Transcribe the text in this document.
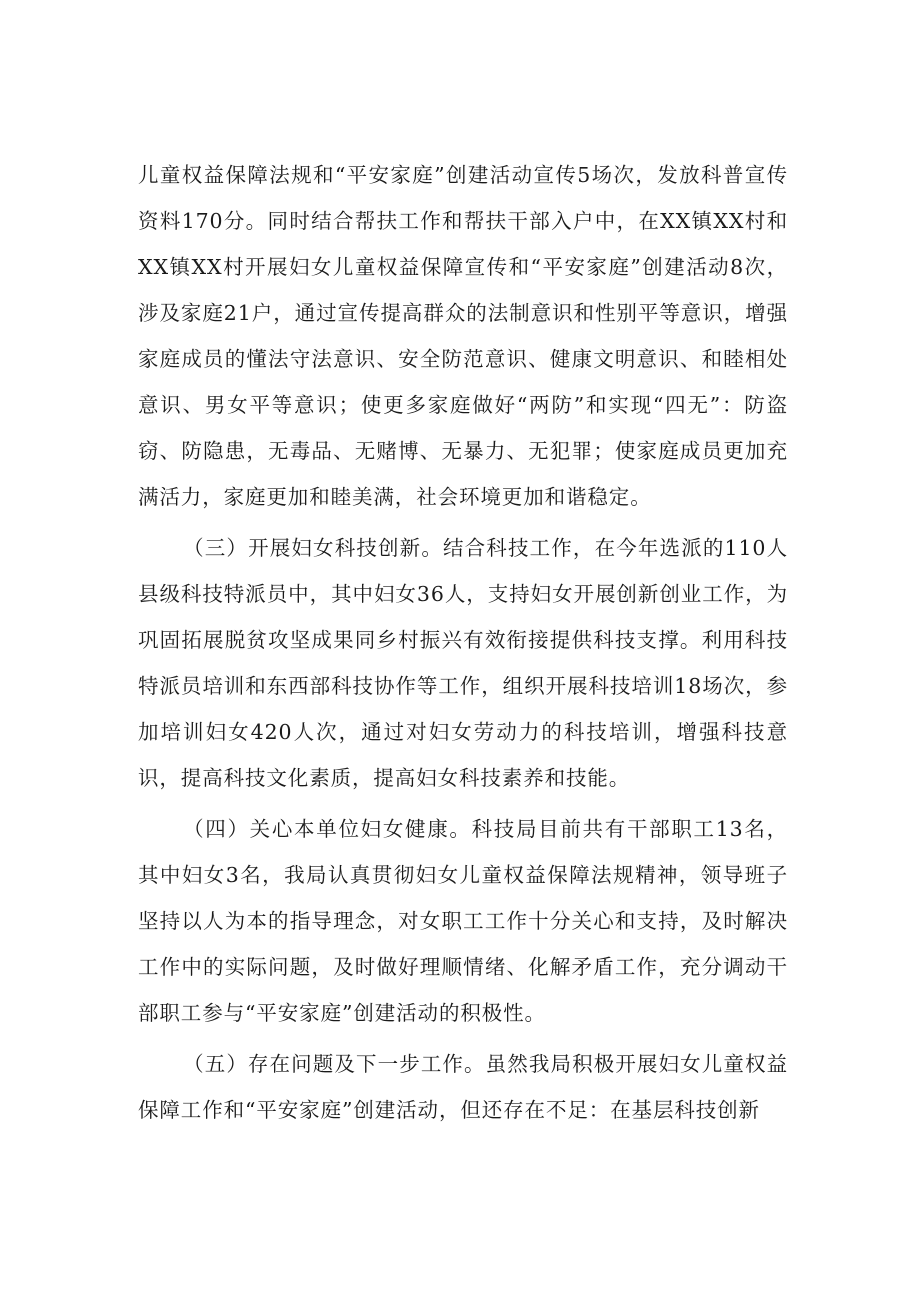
儿童权益保障法规和“平安家庭”创建活动宣传5场次，发放科普宣传资料170分。同时结合帮扶工作和帮扶干部入户中，在XX镇XX村和XX镇XX村开展妇女儿童权益保障宣传和“平安家庭”创建活动8次，涉及家庭21户，通过宣传提高群众的法制意识和性别平等意识，增强家庭成员的懂法守法意识、安全防范意识、健康文明意识、和睦相处意识、男女平等意识；使更多家庭做好“两防”和实现“四无”：防盗窃、防隐患，无毒品、无赌博、无暴力、无犯罪；使家庭成员更加充满活力，家庭更加和睦美满，社会环境更加和谐稳定。

（三）开展妇女科技创新。结合科技工作，在今年选派的110人县级科技特派员中，其中妇女36人，支持妇女开展创新创业工作，为巩固拓展脱贫攻坚成果同乡村振兴有效衔接提供科技支撑。利用科技特派员培训和东西部科技协作等工作，组织开展科技培训18场次，参加培训妇女420人次，通过对妇女劳动力的科技培训，增强科技意识，提高科技文化素质，提高妇女科技素养和技能。

（四）关心本单位妇女健康。科技局目前共有干部职工13名，其中妇女3名，我局认真贯彻妇女儿童权益保障法规精神，领导班子坚持以人为本的指导理念，对女职工工作十分关心和支持，及时解决工作中的实际问题，及时做好理顺情绪、化解矛盾工作，充分调动干部职工参与“平安家庭”创建活动的积极性。

（五）存在问题及下一步工作。虽然我局积极开展妇女儿童权益保障工作和“平安家庭”创建活动，但还存在不足：在基层科技创新
